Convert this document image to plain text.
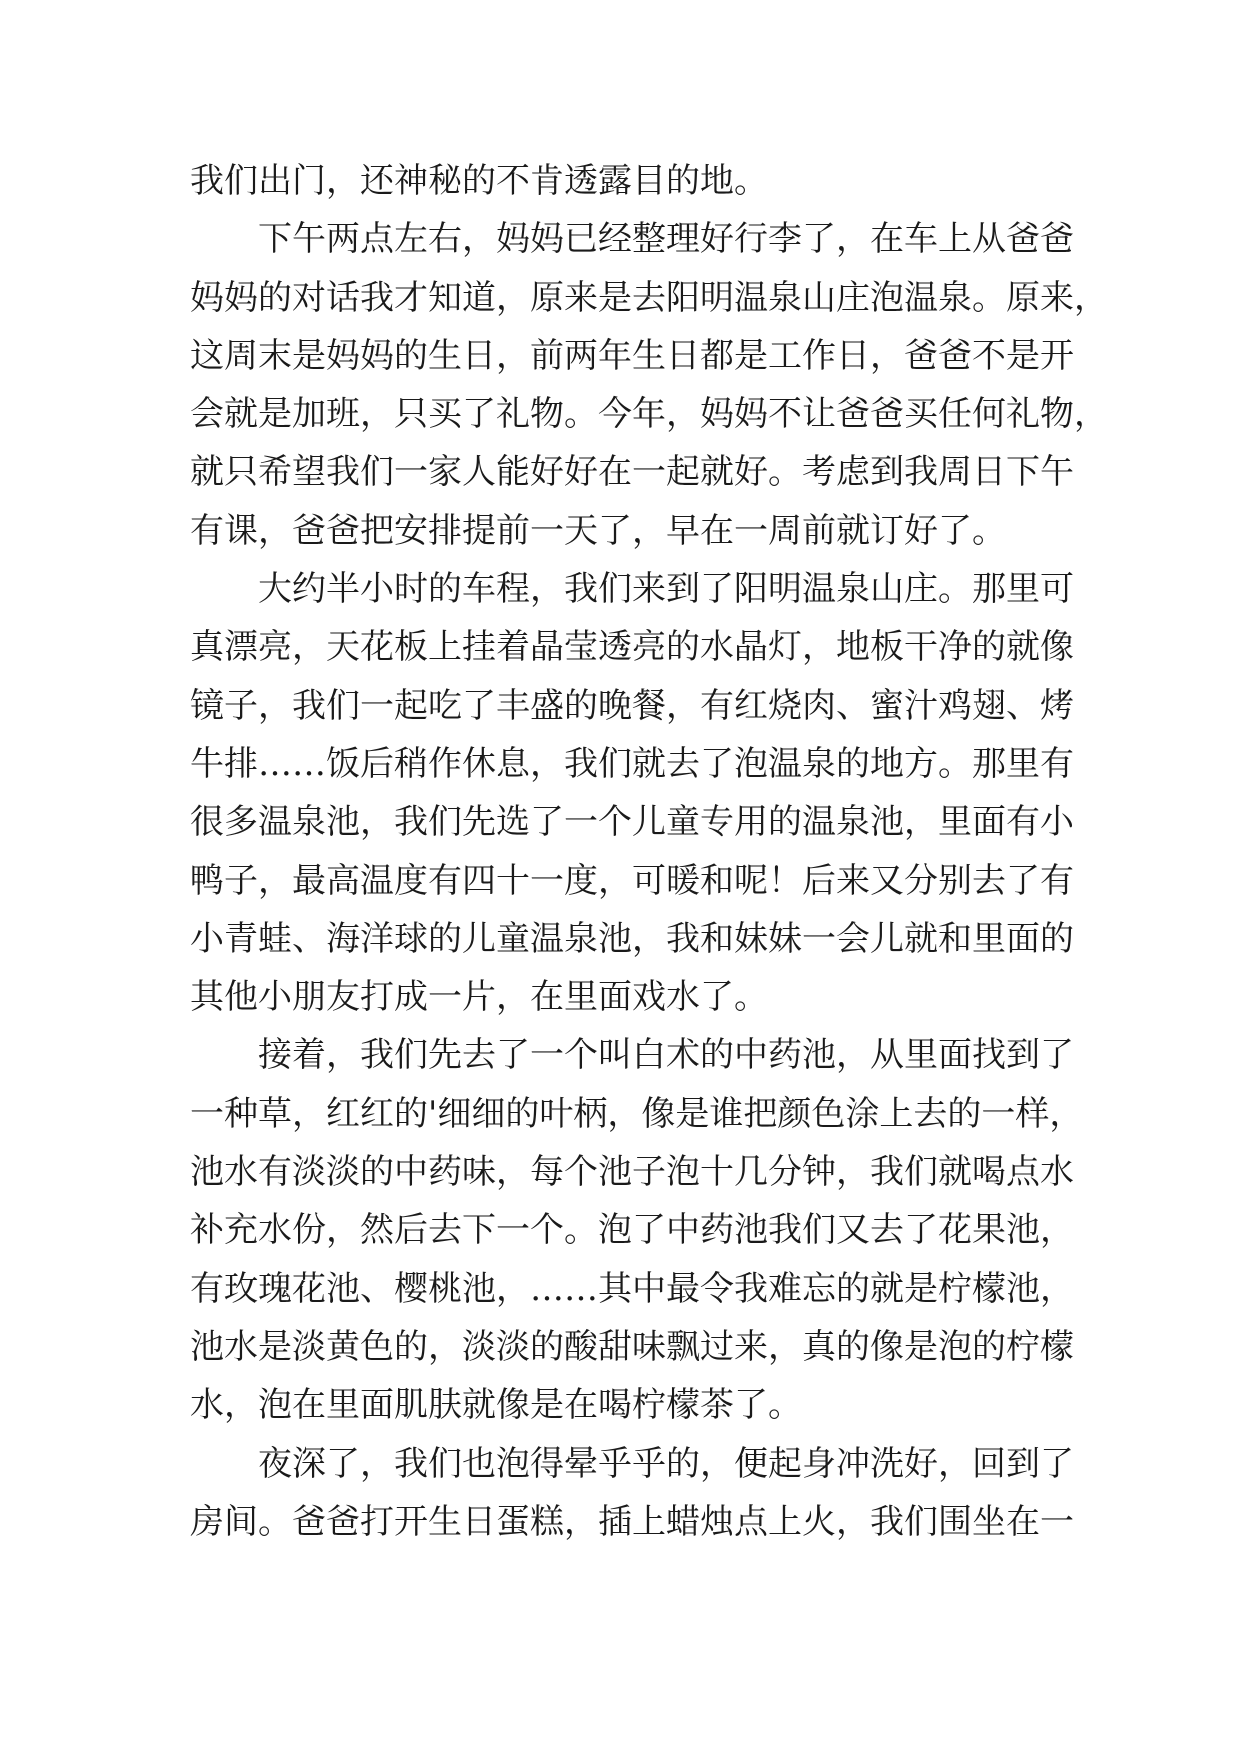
我们出门，还神秘的不肯透露目的地。
下午两点左右，妈妈已经整理好行李了，在车上从爸爸
妈妈的对话我才知道，原来是去阳明温泉山庄泡温泉。原来，
这周末是妈妈的生日，前两年生日都是工作日，爸爸不是开
会就是加班，只买了礼物。今年，妈妈不让爸爸买任何礼物，
就只希望我们一家人能好好在一起就好。考虑到我周日下午
有课，爸爸把安排提前一天了，早在一周前就订好了。
大约半小时的车程，我们来到了阳明温泉山庄。那里可
真漂亮，天花板上挂着晶莹透亮的水晶灯，地板干净的就像
镜子，我们一起吃了丰盛的晚餐，有红烧肉、蜜汁鸡翅、烤
牛排……饭后稍作休息，我们就去了泡温泉的地方。那里有
很多温泉池，我们先选了一个儿童专用的温泉池，里面有小
鸭子，最高温度有四十一度，可暖和呢！后来又分别去了有
小青蛙、海洋球的儿童温泉池，我和妹妹一会儿就和里面的
其他小朋友打成一片，在里面戏水了。
接着，我们先去了一个叫白术的中药池，从里面找到了
一种草，红红的'细细的叶柄，像是谁把颜色涂上去的一样，
池水有淡淡的中药味，每个池子泡十几分钟，我们就喝点水
补充水份，然后去下一个。泡了中药池我们又去了花果池，
有玫瑰花池、樱桃池，……其中最令我难忘的就是柠檬池，
池水是淡黄色的，淡淡的酸甜味飘过来，真的像是泡的柠檬
水，泡在里面肌肤就像是在喝柠檬茶了。
夜深了，我们也泡得晕乎乎的，便起身冲洗好，回到了
房间。爸爸打开生日蛋糕，插上蜡烛点上火，我们围坐在一
